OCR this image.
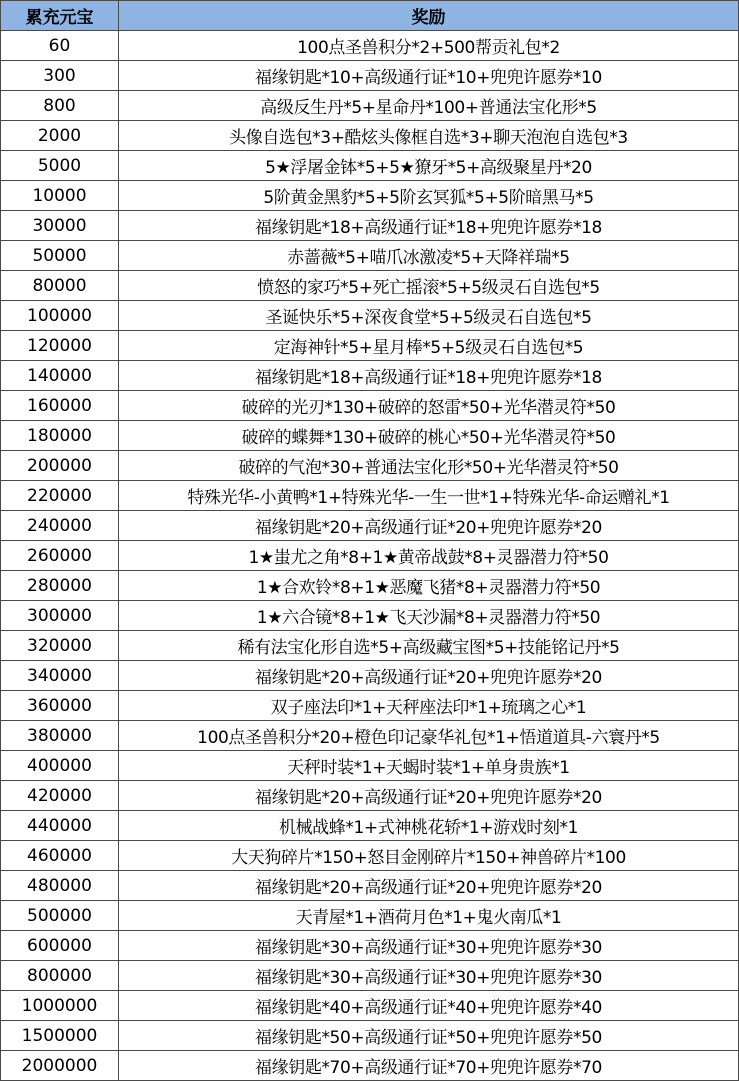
累充元宝	奖励
60	100点圣兽积分*2+500帮贡礼包*2
300	福缘钥匙*10+高级通行证*10+兜兜许愿券*10
800	高级反生丹*5+星命丹*100+普通法宝化形*5
2000	头像自选包*3+酷炫头像框自选*3+聊天泡泡自选包*3
5000	5★浮屠金钵*5+5★獠牙*5+高级聚星丹*20
10000	5阶黄金黑豹*5+5阶玄冥狐*5+5阶暗黑马*5
30000	福缘钥匙*18+高级通行证*18+兜兜许愿券*18
50000	赤蔷薇*5+喵爪冰激凌*5+天降祥瑞*5
80000	愤怒的家巧*5+死亡摇滚*5+5级灵石自选包*5
100000	圣诞快乐*5+深夜食堂*5+5级灵石自选包*5
120000	定海神针*5+星月棒*5+5级灵石自选包*5
140000	福缘钥匙*18+高级通行证*18+兜兜许愿券*18
160000	破碎的光刃*130+破碎的怒雷*50+光华潜灵符*50
180000	破碎的蝶舞*130+破碎的桃心*50+光华潜灵符*50
200000	破碎的气泡*30+普通法宝化形*50+光华潜灵符*50
220000	特殊光华-小黄鸭*1+特殊光华-一生一世*1+特殊光华-命运赠礼*1
240000	福缘钥匙*20+高级通行证*20+兜兜许愿券*20
260000	1★蚩尤之角*8+1★黄帝战鼓*8+灵器潜力符*50
280000	1★合欢铃*8+1★恶魔飞猪*8+灵器潜力符*50
300000	1★六合镜*8+1★飞天沙漏*8+灵器潜力符*50
320000	稀有法宝化形自选*5+高级藏宝图*5+技能铭记丹*5
340000	福缘钥匙*20+高级通行证*20+兜兜许愿券*20
360000	双子座法印*1+天秤座法印*1+琉璃之心*1
380000	100点圣兽积分*20+橙色印记豪华礼包*1+悟道道具-六寰丹*5
400000	天秤时装*1+天蝎时装*1+单身贵族*1
420000	福缘钥匙*20+高级通行证*20+兜兜许愿券*20
440000	机械战蜂*1+式神桃花轿*1+游戏时刻*1
460000	大天狗碎片*150+怒目金刚碎片*150+神兽碎片*100
480000	福缘钥匙*20+高级通行证*20+兜兜许愿券*20
500000	天青屋*1+酒荷月色*1+鬼火南瓜*1
600000	福缘钥匙*30+高级通行证*30+兜兜许愿券*30
800000	福缘钥匙*30+高级通行证*30+兜兜许愿券*30
1000000	福缘钥匙*40+高级通行证*40+兜兜许愿券*40
1500000	福缘钥匙*50+高级通行证*50+兜兜许愿券*50
2000000	福缘钥匙*70+高级通行证*70+兜兜许愿券*70
